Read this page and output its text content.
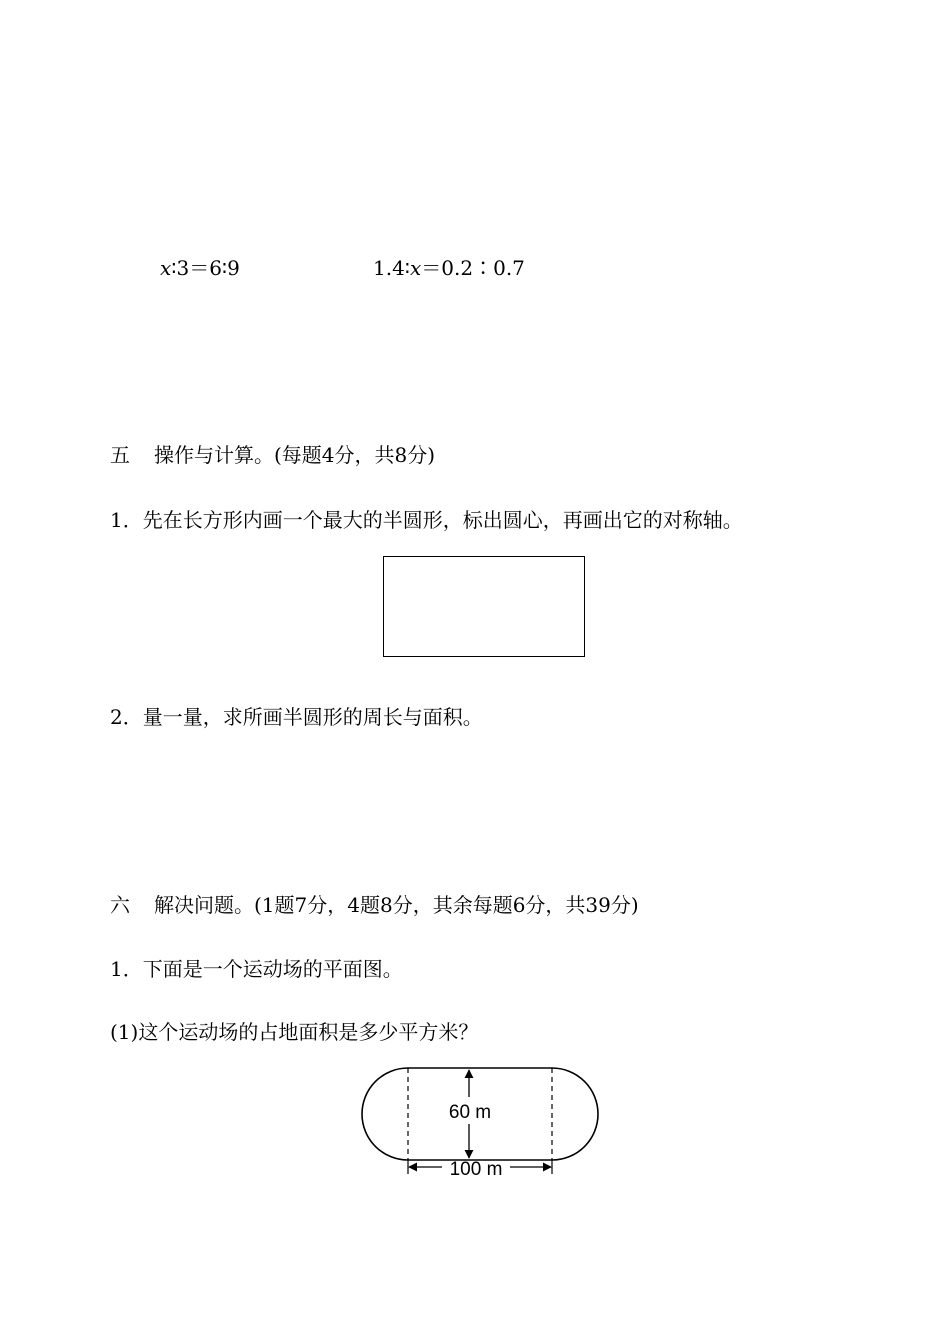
x∶3＝6∶9	1.4∶x＝0.2∶0.7
五 操作与计算。(每题4分，共8分)
1．先在长方形内画一个最大的半圆形，标出圆心，再画出它的对称轴。
2．量一量，求所画半圆形的周长与面积。
六 解决问题。(1题7分，4题8分，其余每题6分，共39分)
1．下面是一个运动场的平面图。
(1)这个运动场的占地面积是多少平方米？
60 m
100 m
